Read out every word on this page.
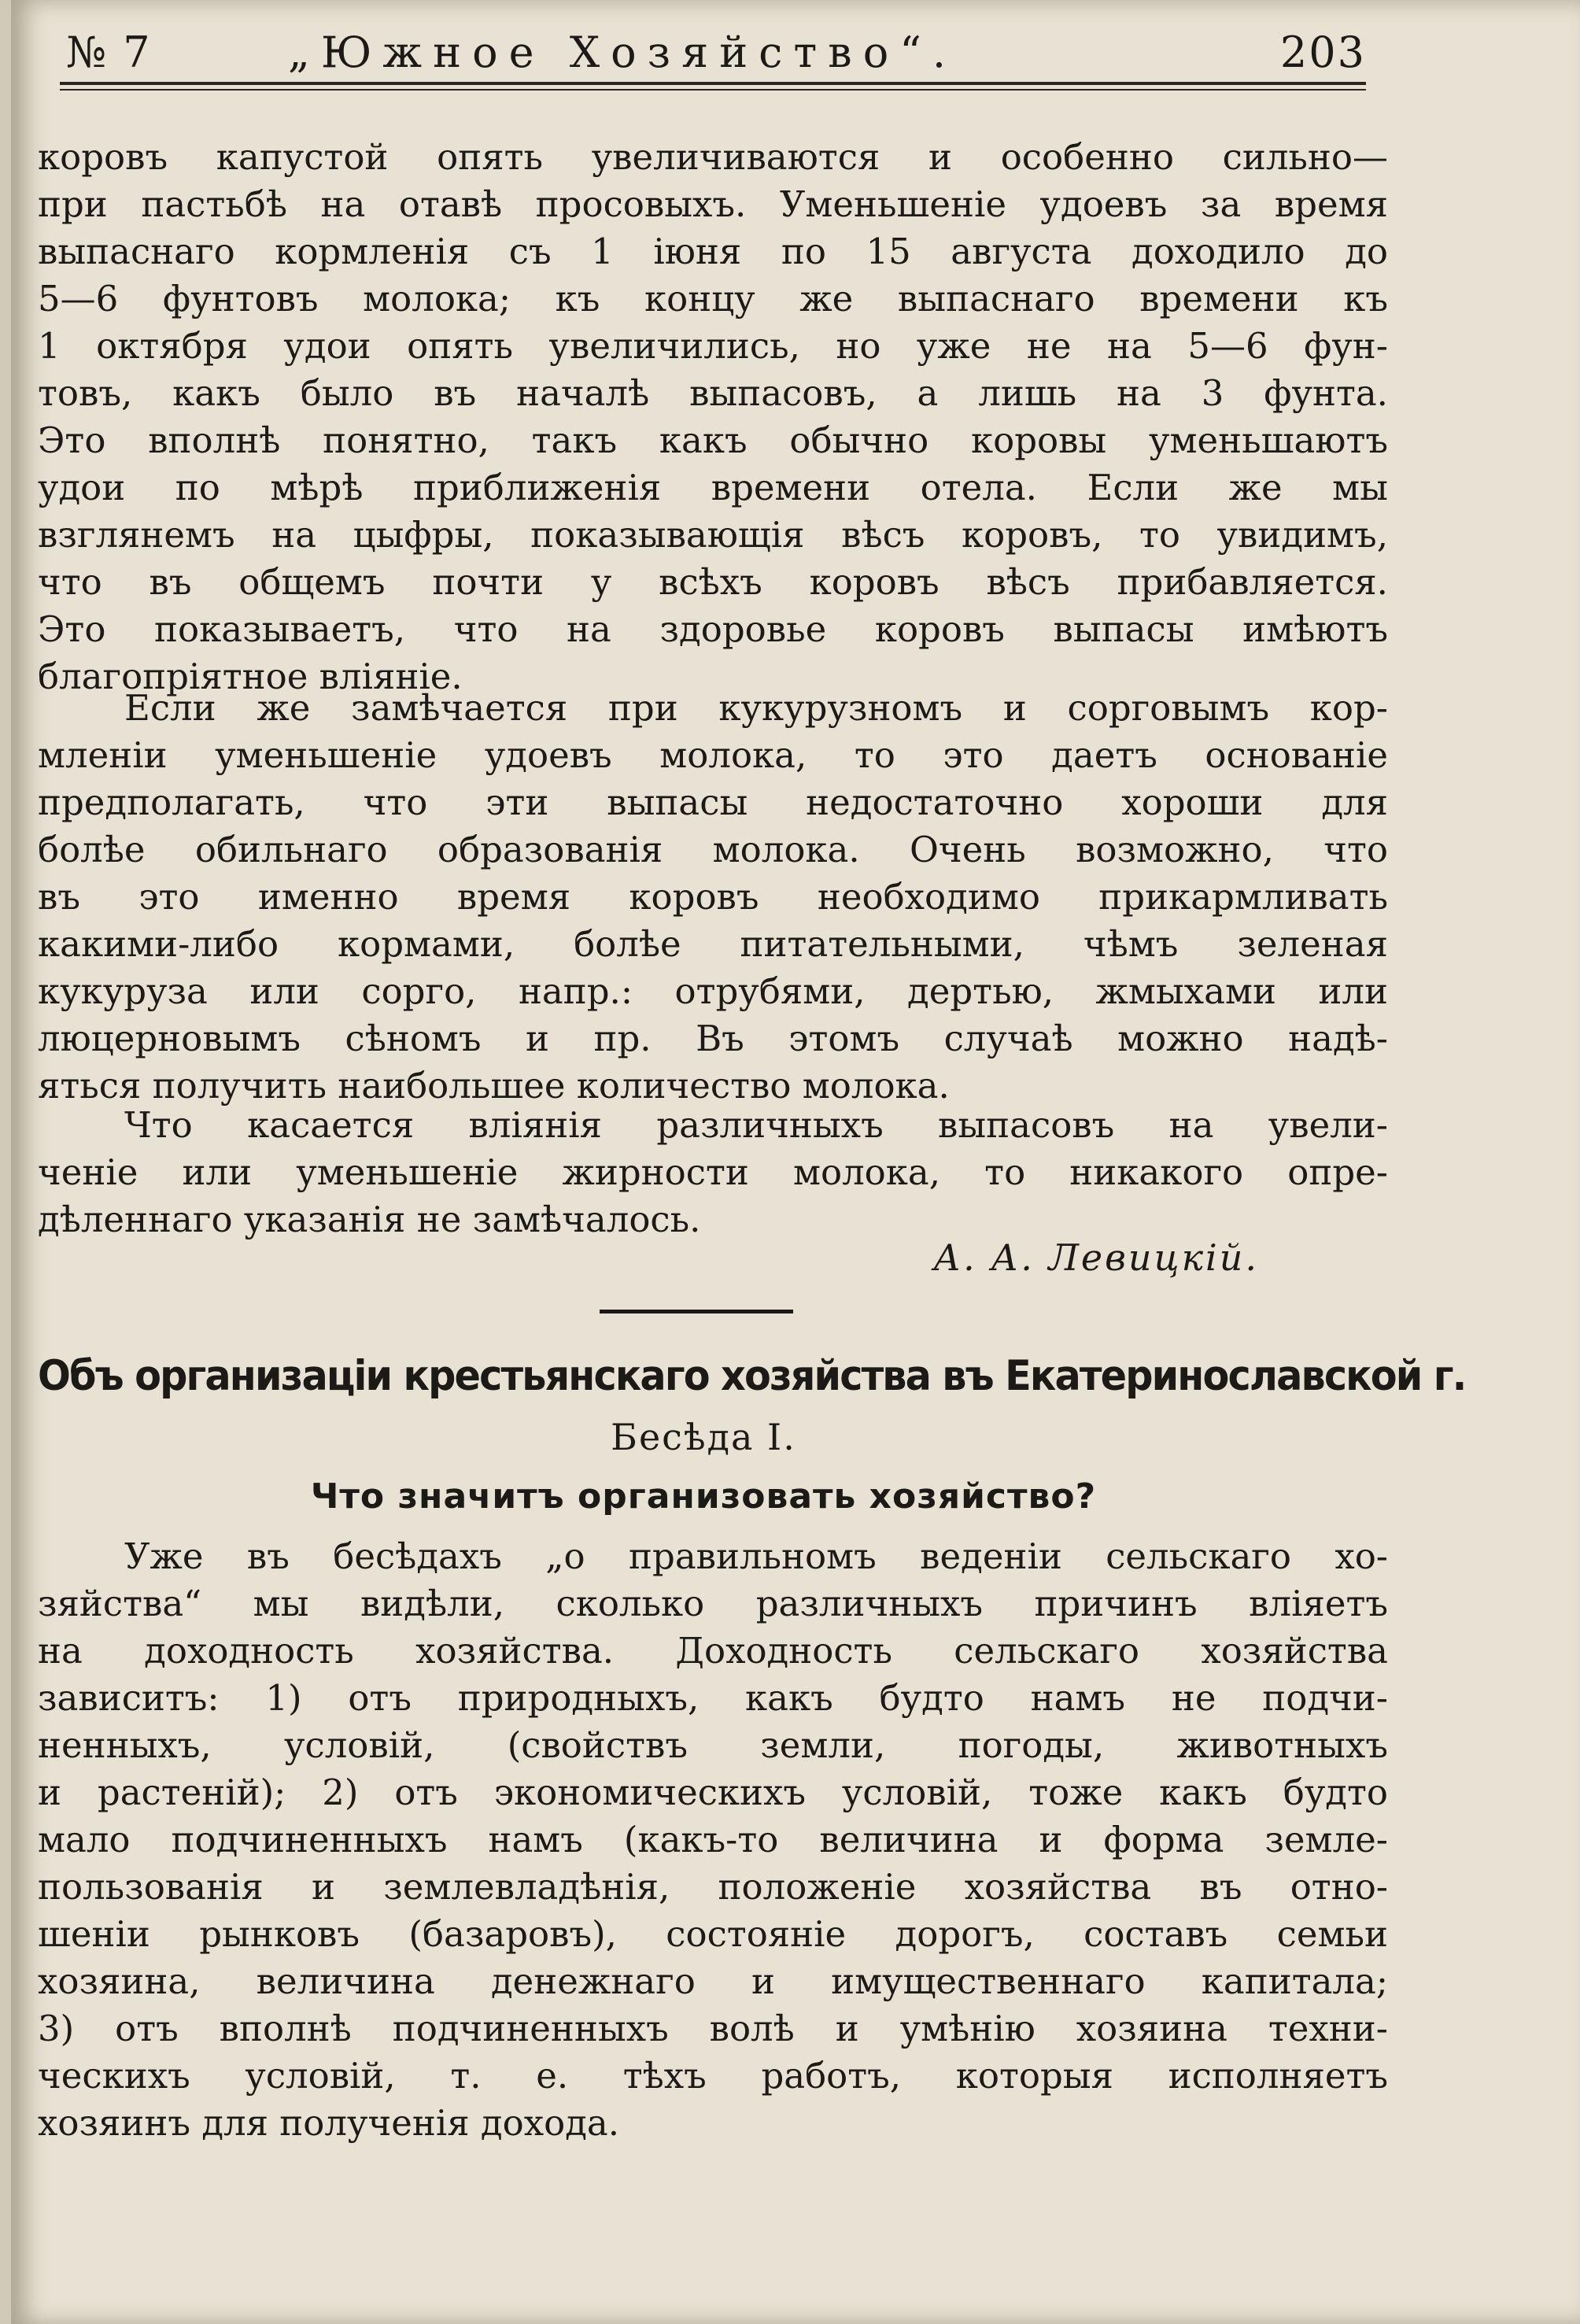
№ 7	„Южное Хозяйство“.	203
коровъ капустой опять увеличиваются и особенно сильно—
при пастьбѣ на отавѣ просовыхъ. Уменьшеніе удоевъ за время
выпаснаго кормленія съ 1 іюня по 15 августа доходило до
5—6 фунтовъ молока; къ концу же выпаснаго времени къ
1 октября удои опять увеличились, но уже не на 5—6 фун-
товъ, какъ было въ началѣ выпасовъ, а лишь на 3 фунта.
Это вполнѣ понятно, такъ какъ обычно коровы уменьшаютъ
удои по мѣрѣ приближенія времени отела. Если же мы
взглянемъ на цыфры, показывающія вѣсъ коровъ, то увидимъ,
что въ общемъ почти у всѣхъ коровъ вѣсъ прибавляется.
Это показываетъ, что на здоровье коровъ выпасы имѣютъ
благопріятное вліяніе.
Если же замѣчается при кукурузномъ и сорговымъ кор-
мленіи уменьшеніе удоевъ молока, то это даетъ основаніе
предполагать, что эти выпасы недостаточно хороши для
болѣе обильнаго образованія молока. Очень возможно, что
въ это именно время коровъ необходимо прикармливать
какими-либо кормами, болѣе питательными, чѣмъ зеленая
кукуруза или сорго, напр.: отрубями, дертью, жмыхами или
люцерновымъ сѣномъ и пр. Въ этомъ случаѣ можно надѣ-
яться получить наибольшее количество молока.
Что касается вліянія различныхъ выпасовъ на увели-
ченіе или уменьшеніе жирности молока, то никакого опре-
дѣленнаго указанія не замѣчалось.
А. А. Левицкій.
Объ организаціи крестьянскаго хозяйства въ Екатеринославской г.
Бесѣда I.
Что значитъ организовать хозяйство?
Уже въ бесѣдахъ „о правильномъ веденіи сельскаго хо-
зяйства“ мы видѣли, сколько различныхъ причинъ вліяетъ
на доходность хозяйства. Доходность сельскаго хозяйства
зависитъ: 1) отъ природныхъ, какъ будто намъ не подчи-
ненныхъ, условій, (свойствъ земли, погоды, животныхъ
и растеній); 2) отъ экономическихъ условій, тоже какъ будто
мало подчиненныхъ намъ (какъ-то величина и форма земле-
пользованія и землевладѣнія, положеніе хозяйства въ отно-
шеніи рынковъ (базаровъ), состояніе дорогъ, составъ семьи
хозяина, величина денежнаго и имущественнаго капитала;
3) отъ вполнѣ подчиненныхъ волѣ и умѣнію хозяина техни-
ческихъ условій, т. е. тѣхъ работъ, которыя исполняетъ
хозяинъ для полученія дохода.
